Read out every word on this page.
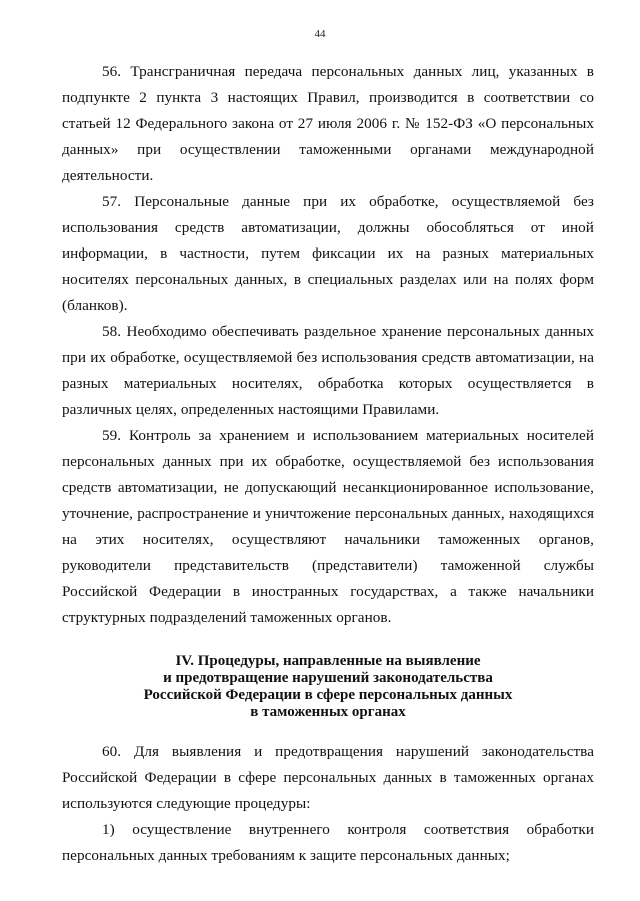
44

56. Трансграничная передача персональных данных лиц, указанных в подпункте 2 пункта 3 настоящих Правил, производится в соответствии со статьей 12 Федерального закона от 27 июля 2006 г. № 152-ФЗ «О персональных данных» при осуществлении таможенными органами международной деятельности.

57. Персональные данные при их обработке, осуществляемой без использования средств автоматизации, должны обособляться от иной информации, в частности, путем фиксации их на разных материальных носителях персональных данных, в специальных разделах или на полях форм (бланков).

58. Необходимо обеспечивать раздельное хранение персональных данных при их обработке, осуществляемой без использования средств автоматизации, на разных материальных носителях, обработка которых осуществляется в различных целях, определенных настоящими Правилами.

59. Контроль за хранением и использованием материальных носителей персональных данных при их обработке, осуществляемой без использования средств автоматизации, не допускающий несанкционированное использование, уточнение, распространение и уничтожение персональных данных, находящихся на этих носителях, осуществляют начальники таможенных органов, руководители представительств (представители) таможенной службы Российской Федерации в иностранных государствах, а также начальники структурных подразделений таможенных органов.

IV. Процедуры, направленные на выявление
и предотвращение нарушений законодательства
Российской Федерации в сфере персональных данных
в таможенных органах

60. Для выявления и предотвращения нарушений законодательства Российской Федерации в сфере персональных данных в таможенных органах используются следующие процедуры:

1) осуществление внутреннего контроля соответствия обработки персональных данных требованиям к защите персональных данных;
